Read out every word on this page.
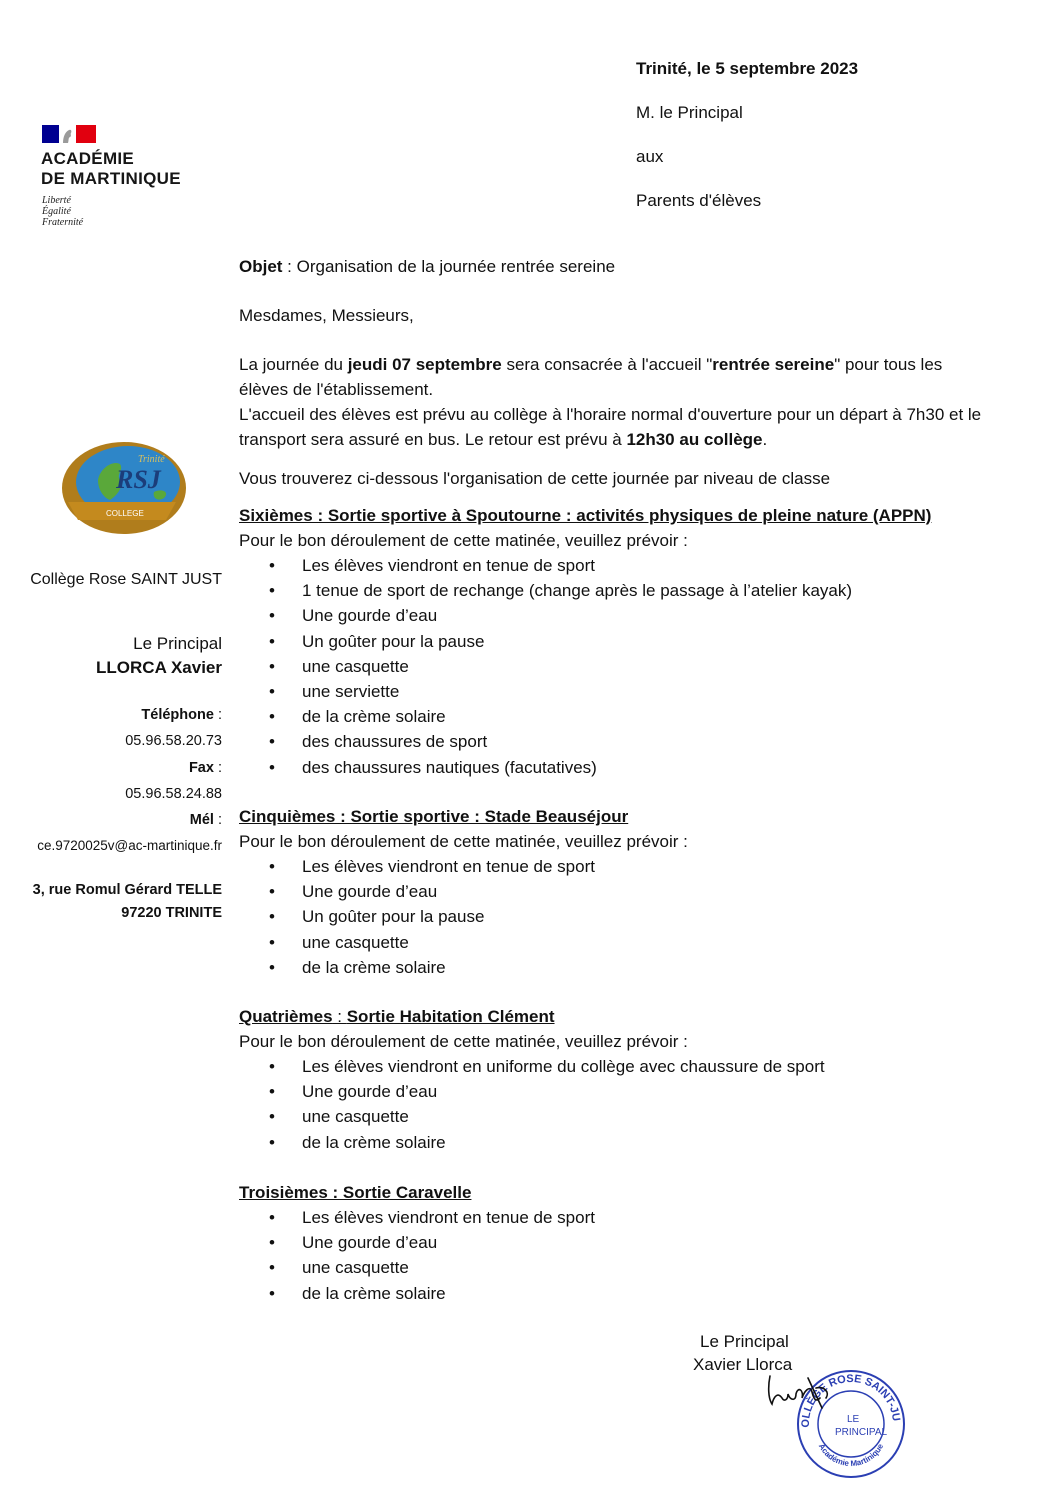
Trinité, le 5 septembre 2023
M. le Principal
aux
Parents d'élèves
ACADÉMIE
DE MARTINIQUE
Liberté
Égalité
Fraternité
RSJ
Trinité
COLLEGE
Collège Rose SAINT JUST
Le Principal
LLORCA Xavier
Téléphone :
05.96.58.20.73
Fax :
05.96.58.24.88
Mél :
ce.9720025v@ac-martinique.fr
3, rue Romul Gérard TELLE
97220 TRINITE
Objet : Organisation de la journée rentrée sereine
Mesdames, Messieurs,
La journée du jeudi 07 septembre sera consacrée à l'accueil "rentrée sereine" pour tous les élèves de l'établissement.
L'accueil des élèves est prévu au collège à l'horaire normal d'ouverture pour un départ à 7h30 et le transport sera assuré en bus. Le retour est prévu à 12h30 au collège.
Vous trouverez ci-dessous l'organisation de cette journée par niveau de classe
Sixièmes : Sortie sportive à Spoutourne : activités physiques de pleine nature (APPN)
Pour le bon déroulement de cette matinée, veuillez prévoir :
• Les élèves viendront en tenue de sport
• 1 tenue de sport de rechange (change après le passage à l’atelier kayak)
• Une gourde d’eau
• Un goûter pour la pause
• une casquette
• une serviette
• de la crème solaire
• des chaussures de sport
• des chaussures nautiques (facutatives)
Cinquièmes : Sortie sportive : Stade Beauséjour
Pour le bon déroulement de cette matinée, veuillez prévoir :
• Les élèves viendront en tenue de sport
• Une gourde d’eau
• Un goûter pour la pause
• une casquette
• de la crème solaire
Quatrièmes : Sortie Habitation Clément
Pour le bon déroulement de cette matinée, veuillez prévoir :
• Les élèves viendront en uniforme du collège avec chaussure de sport
• Une gourde d’eau
• une casquette
• de la crème solaire
Troisièmes : Sortie Caravelle
• Les élèves viendront en tenue de sport
• Une gourde d’eau
• une casquette
• de la crème solaire
Le Principal
Xavier Llorca
OLLÈGE ROSE SAINT-JU
Académie Martinique
LE
PRINCIPAL
